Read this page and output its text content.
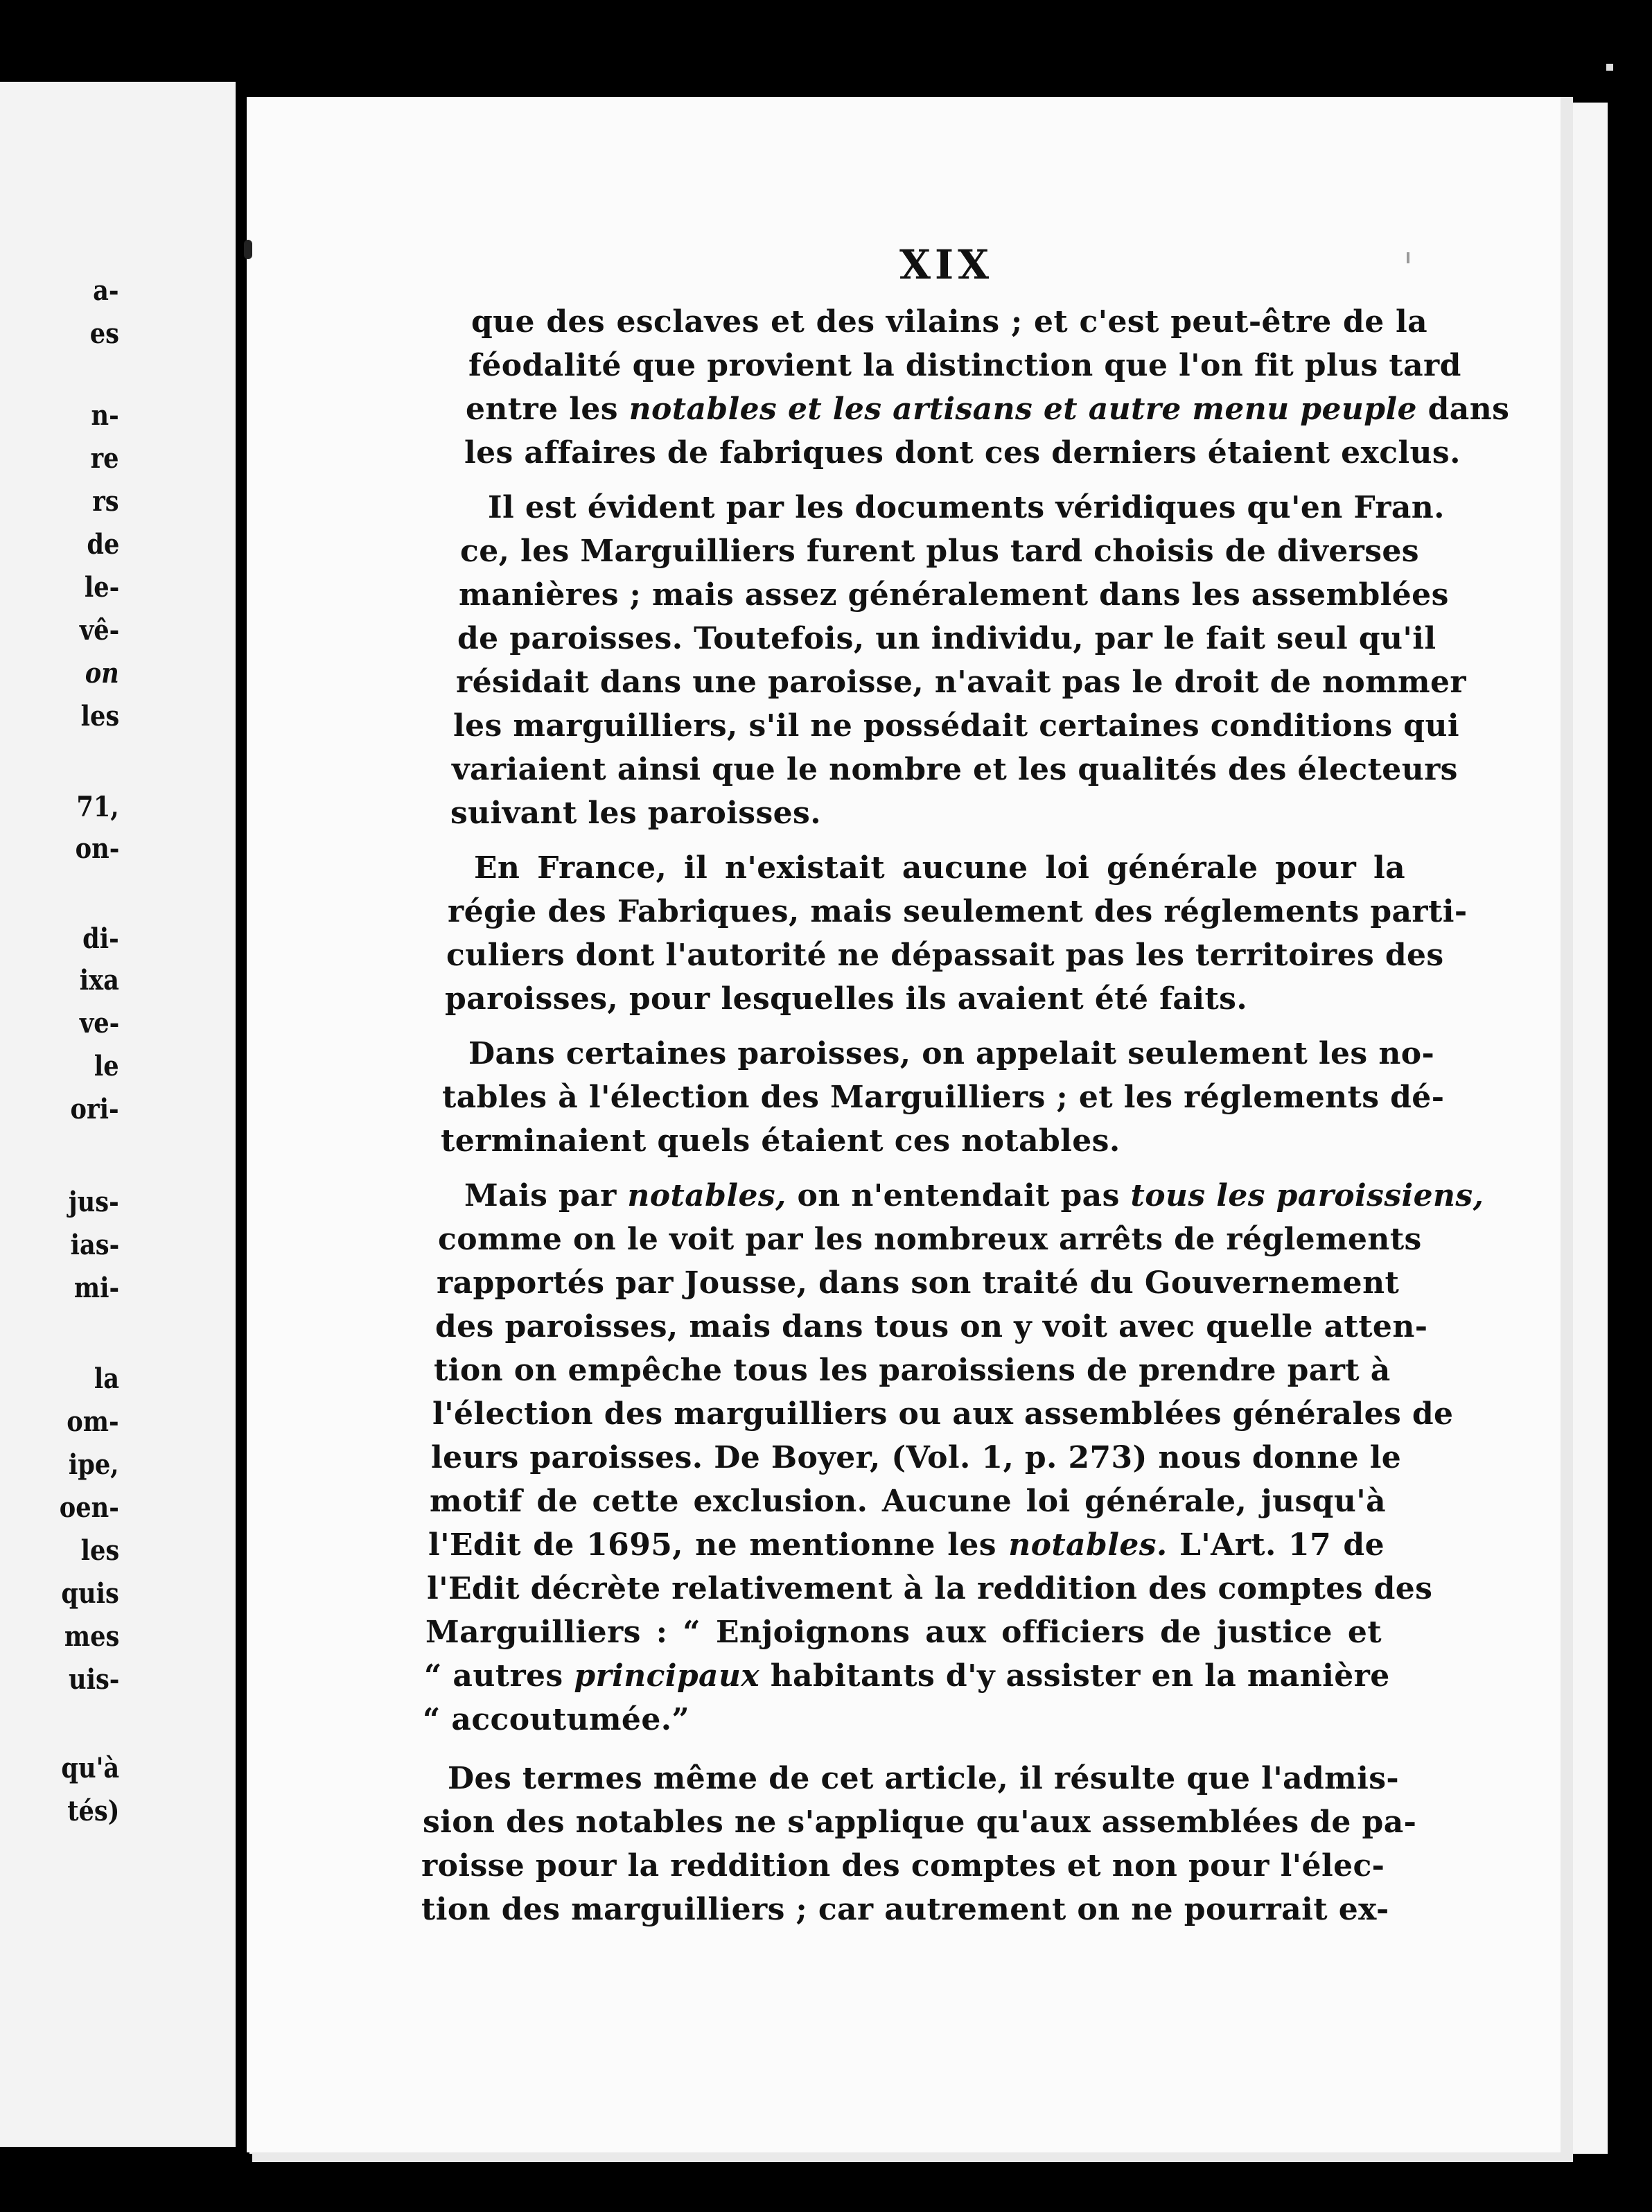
a-
es
n-
re
rs
de
le-
vê-
on
les
71,
on-
di-
ixa
ve-
le
ori-
jus-
ias-
mi-
la
om-
ipe,
oen-
les
quis
mes
uis-
qu'à
tés)
XIX
que des esclaves et des vilains ; et c'est peut-être de la
féodalité que provient la distinction que l'on fit plus tard
entre les notables et les artisans et autre menu peuple dans
les affaires de fabriques dont ces derniers étaient exclus.
Il est évident par les documents véridiques qu'en Fran.
ce, les Marguilliers furent plus tard choisis de diverses
manières ; mais assez généralement dans les assemblées
de paroisses. Toutefois, un individu, par le fait seul qu'il
résidait dans une paroisse, n'avait pas le droit de nommer
les marguilliers, s'il ne possédait certaines conditions qui
variaient ainsi que le nombre et les qualités des électeurs
suivant les paroisses.
En France, il n'existait aucune loi générale pour la
régie des Fabriques, mais seulement des réglements parti-
culiers dont l'autorité ne dépassait pas les territoires des
paroisses, pour lesquelles ils avaient été faits.
Dans certaines paroisses, on appelait seulement les no-
tables à l'élection des Marguilliers ; et les réglements dé-
terminaient quels étaient ces notables.
Mais par notables, on n'entendait pas tous les paroissiens,
comme on le voit par les nombreux arrêts de réglements
rapportés par Jousse, dans son traité du Gouvernement
des paroisses, mais dans tous on y voit avec quelle atten-
tion on empêche tous les paroissiens de prendre part à
l'élection des marguilliers ou aux assemblées générales de
leurs paroisses. De Boyer, (Vol. 1, p. 273) nous donne le
motif de cette exclusion. Aucune loi générale, jusqu'à
l'Edit de 1695, ne mentionne les notables. L'Art. 17 de
l'Edit décrète relativement à la reddition des comptes des
Marguilliers : “ Enjoignons aux officiers de justice et
“ autres principaux habitants d'y assister en la manière
“ accoutumée.”
Des termes même de cet article, il résulte que l'admis-
sion des notables ne s'applique qu'aux assemblées de pa-
roisse pour la reddition des comptes et non pour l'élec-
tion des marguilliers ; car autrement on ne pourrait ex-
